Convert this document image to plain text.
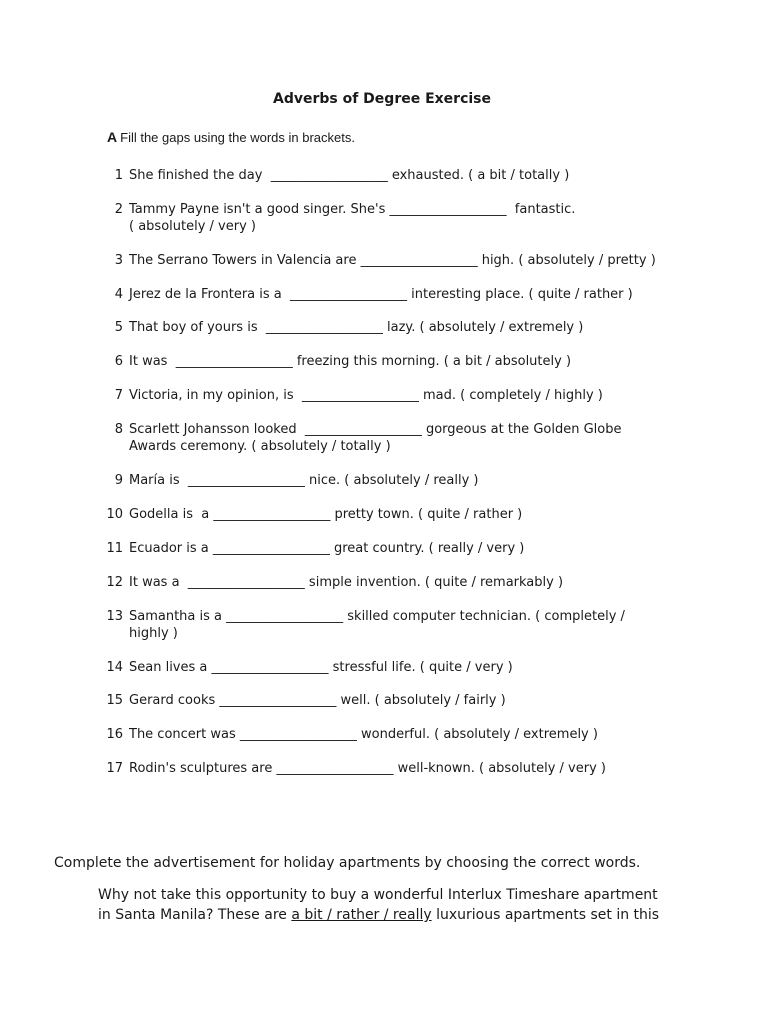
Adverbs of Degree Exercise
A Fill the gaps using the words in brackets.
1 She finished the day  __________________ exhausted. ( a bit / totally )
2 Tammy Payne isn't a good singer. She's __________________  fantastic.
( absolutely / very )
3 The Serrano Towers in Valencia are __________________ high. ( absolutely / pretty )
4 Jerez de la Frontera is a  __________________ interesting place. ( quite / rather )
5 That boy of yours is  __________________ lazy. ( absolutely / extremely )
6 It was  __________________ freezing this morning. ( a bit / absolutely )
7 Victoria, in my opinion, is  __________________ mad. ( completely / highly )
8 Scarlett Johansson looked  __________________ gorgeous at the Golden Globe
Awards ceremony. ( absolutely / totally )
9 María is  __________________ nice. ( absolutely / really )
10 Godella is  a __________________ pretty town. ( quite / rather )
11 Ecuador is a __________________ great country. ( really / very )
12 It was a  __________________ simple invention. ( quite / remarkably )
13 Samantha is a __________________ skilled computer technician. ( completely /
highly )
14 Sean lives a __________________ stressful life. ( quite / very )
15 Gerard cooks __________________ well. ( absolutely / fairly )
16 The concert was __________________ wonderful. ( absolutely / extremely )
17 Rodin's sculptures are __________________ well-known. ( absolutely / very )
Complete the advertisement for holiday apartments by choosing the correct words.
Why not take this opportunity to buy a wonderful Interlux Timeshare apartment
in Santa Manila? These are a bit / rather / really luxurious apartments set in this
